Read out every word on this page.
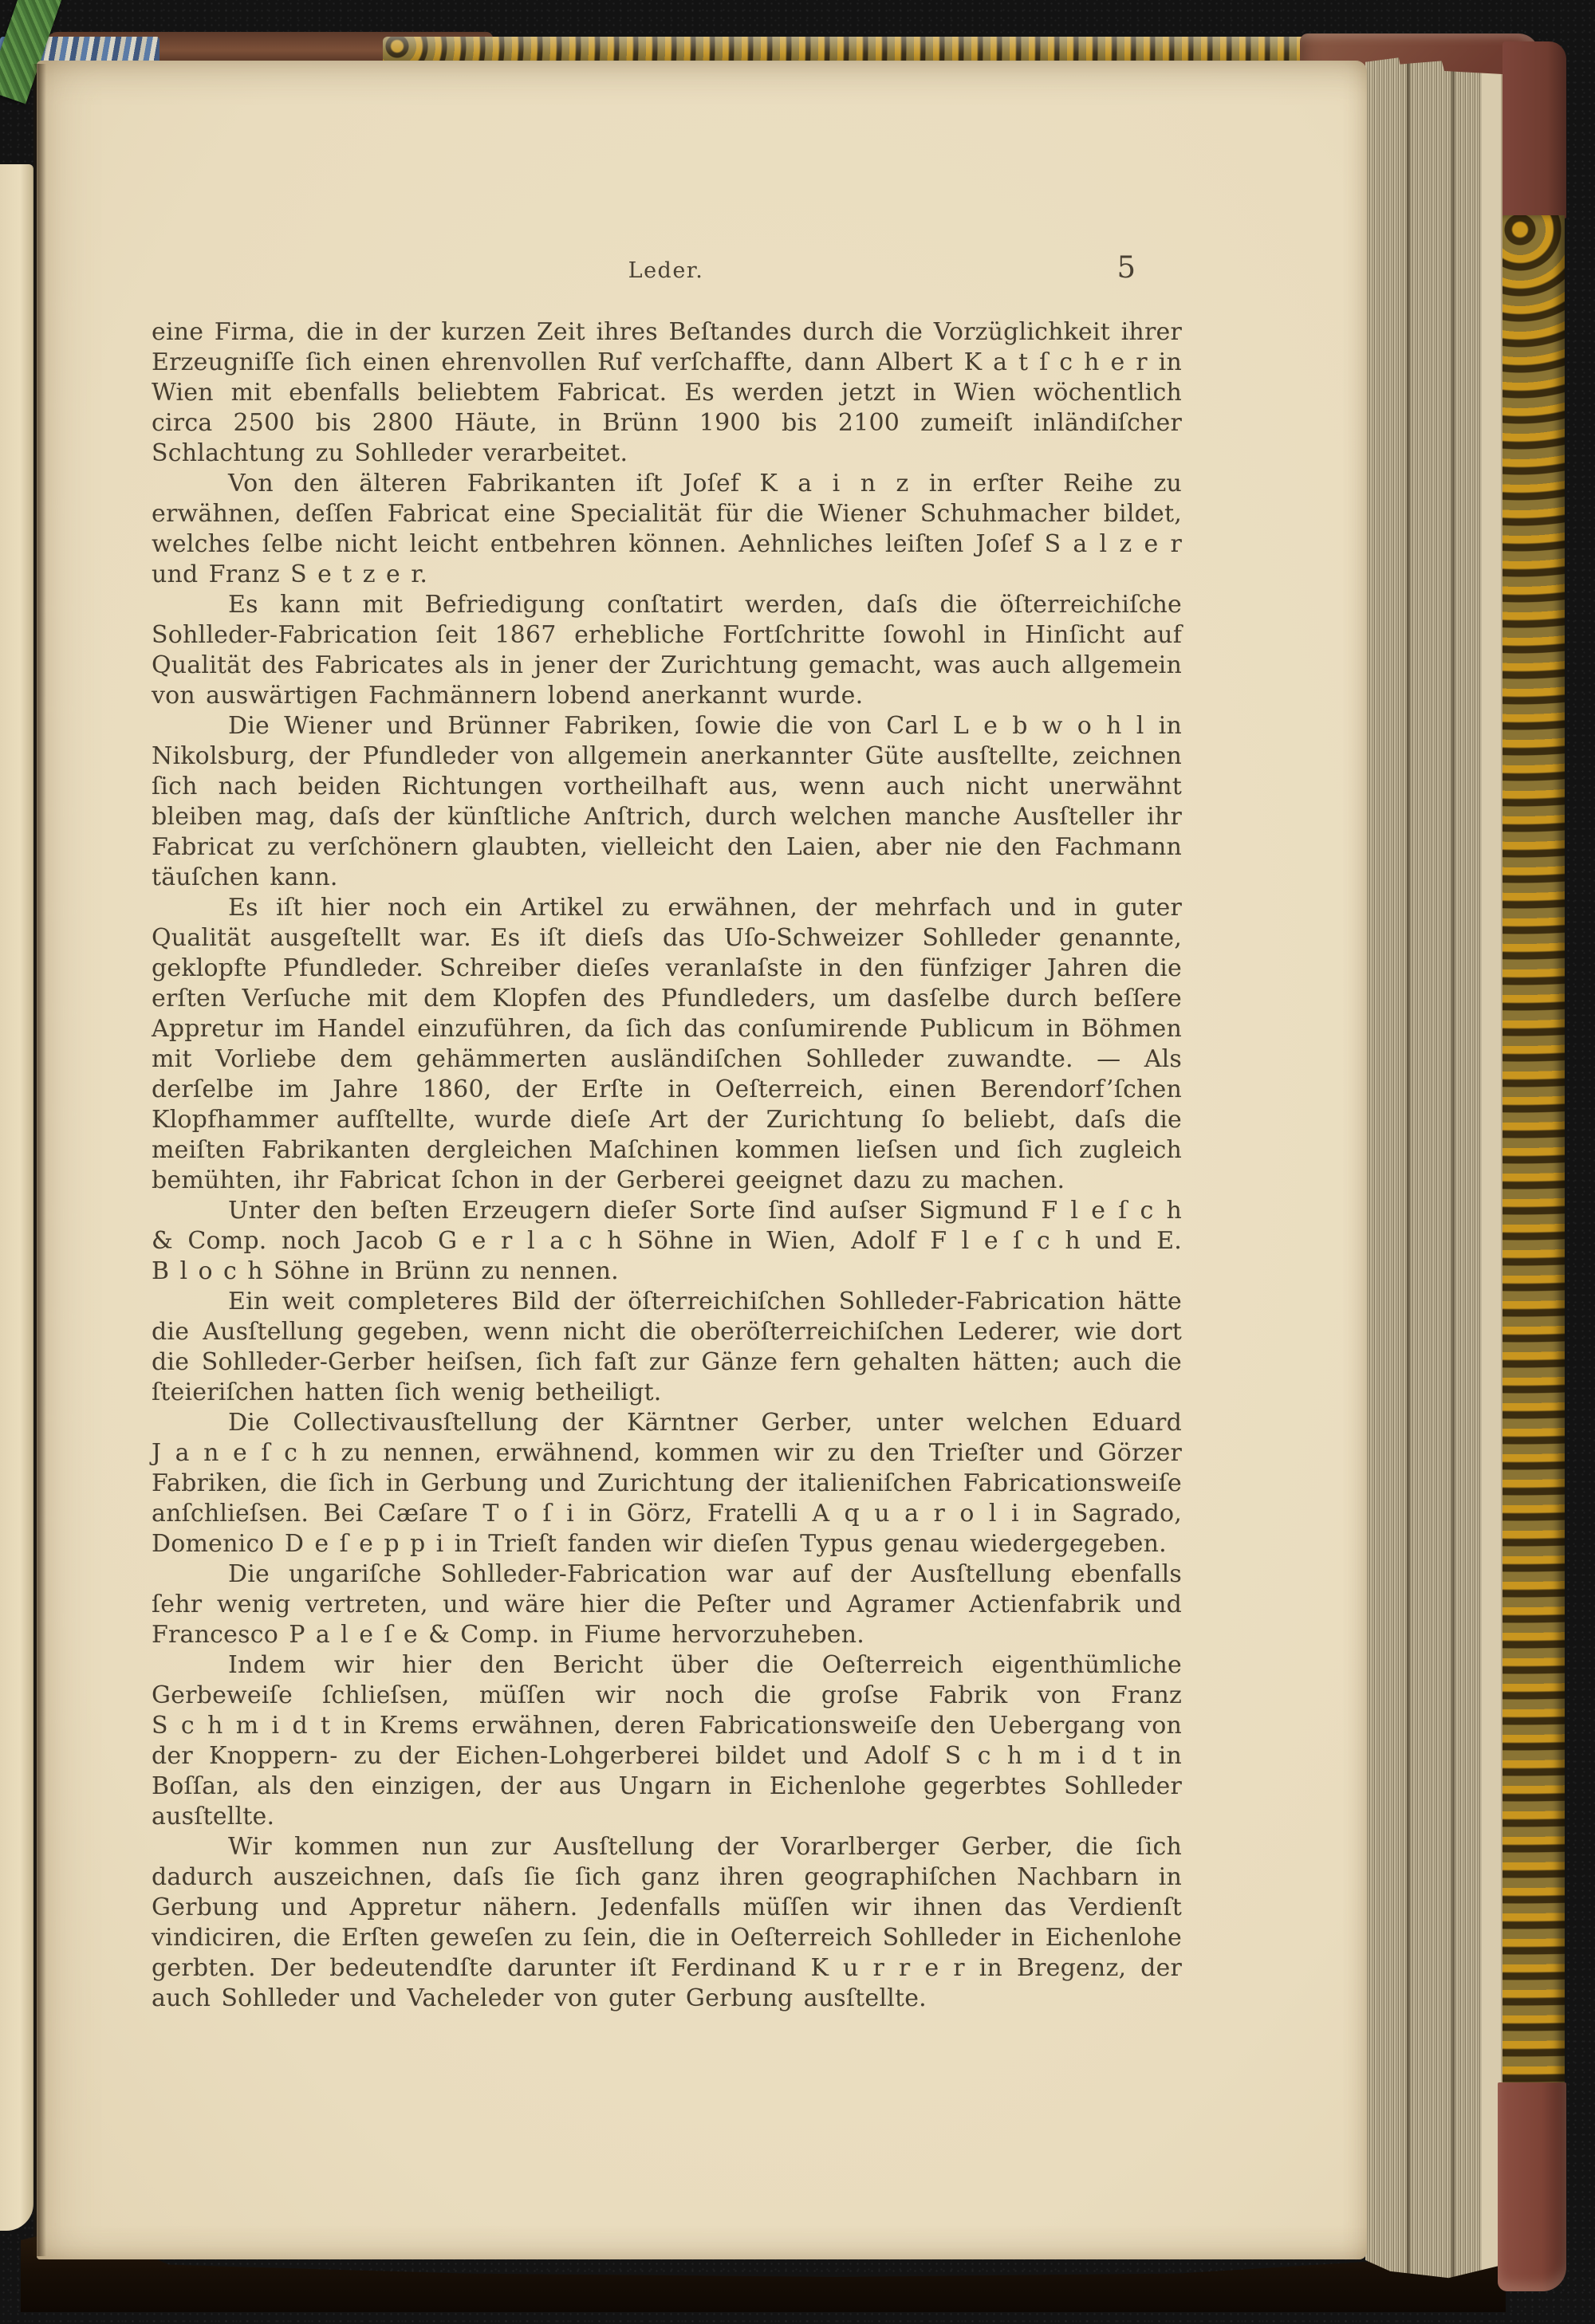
Leder.	5

eine Firma, die in der kurzen Zeit ihres Beſtandes durch die Vorzüglichkeit ihrer Erzeugniſſe ſich einen ehrenvollen Ruf verſchaffte, dann Albert K a t ſ c h e r in Wien mit ebenfalls beliebtem Fabricat. Es werden jetzt in Wien wöchentlich circa 2500 bis 2800 Häute, in Brünn 1900 bis 2100 zumeiſt inländiſcher Schlachtung zu Sohlleder verarbeitet.

Von den älteren Fabrikanten iſt Joſef K a i n z in erſter Reihe zu erwähnen, deſſen Fabricat eine Specialität für die Wiener Schuhmacher bildet, welches ſelbe nicht leicht entbehren können. Aehnliches leiſten Joſef S a l z e r und Franz S e t z e r.

Es kann mit Befriedigung conſtatirt werden, daſs die öſterreichiſche Sohlleder-Fabrication ſeit 1867 erhebliche Fortſchritte ſowohl in Hinſicht auf Qualität des Fabricates als in jener der Zurichtung gemacht, was auch allgemein von auswärtigen Fachmännern lobend anerkannt wurde.

Die Wiener und Brünner Fabriken, ſowie die von Carl L e b w o h l in Nikolsburg, der Pfundleder von allgemein anerkannter Güte ausſtellte, zeichnen ſich nach beiden Richtungen vortheilhaft aus, wenn auch nicht unerwähnt bleiben mag, daſs der künſtliche Anſtrich, durch welchen manche Ausſteller ihr Fabricat zu verſchönern glaubten, vielleicht den Laien, aber nie den Fachmann täuſchen kann.

Es iſt hier noch ein Artikel zu erwähnen, der mehrfach und in guter Qualität ausgeſtellt war. Es iſt dieſs das Uſo-Schweizer Sohlleder genannte, geklopfte Pfundleder. Schreiber dieſes veranlaſste in den fünfziger Jahren die erſten Verſuche mit dem Klopfen des Pfundleders, um dasſelbe durch beſſere Appretur im Handel einzuführen, da ſich das conſumirende Publicum in Böhmen mit Vorliebe dem gehämmerten ausländiſchen Sohlleder zuwandte. — Als derſelbe im Jahre 1860, der Erſte in Oeſterreich, einen Berendorf’ſchen Klopfhammer aufſtellte, wurde dieſe Art der Zurichtung ſo beliebt, daſs die meiſten Fabrikanten dergleichen Maſchinen kommen lieſsen und ſich zugleich bemühten, ihr Fabricat ſchon in der Gerberei geeignet dazu zu machen.

Unter den beſten Erzeugern dieſer Sorte ſind auſser Sigmund F l e ſ c h & Comp. noch Jacob G e r l a c h Söhne in Wien, Adolf F l e ſ c h und E. B l o c h Söhne in Brünn zu nennen.

Ein weit completeres Bild der öſterreichiſchen Sohlleder-Fabrication hätte die Ausſtellung gegeben, wenn nicht die oberöſterreichiſchen Lederer, wie dort die Sohlleder-Gerber heiſsen, ſich faſt zur Gänze fern gehalten hätten; auch die ſteieriſchen hatten ſich wenig betheiligt.

Die Collectivausſtellung der Kärntner Gerber, unter welchen Eduard J a n e ſ c h zu nennen, erwähnend, kommen wir zu den Trieſter und Görzer Fabriken, die ſich in Gerbung und Zurichtung der italieniſchen Fabricationsweiſe anſchlieſsen. Bei Cæſare T o ſ i in Görz, Fratelli A q u a r o l i in Sagrado, Domenico D e ſ e p p i in Trieſt fanden wir dieſen Typus genau wiedergegeben.

Die ungariſche Sohlleder-Fabrication war auf der Ausſtellung ebenfalls ſehr wenig vertreten, und wäre hier die Peſter und Agramer Actienfabrik und Francesco P a l e ſ e & Comp. in Fiume hervorzuheben.

Indem wir hier den Bericht über die Oeſterreich eigenthümliche Gerbeweiſe ſchlieſsen, müſſen wir noch die groſse Fabrik von Franz S c h m i d t in Krems erwähnen, deren Fabricationsweiſe den Uebergang von der Knoppern- zu der Eichen-Lohgerberei bildet und Adolf S c h m i d t in Boſſan, als den einzigen, der aus Ungarn in Eichenlohe gegerbtes Sohlleder ausſtellte.

Wir kommen nun zur Ausſtellung der Vorarlberger Gerber, die ſich dadurch auszeichnen, daſs ſie ſich ganz ihren geographiſchen Nachbarn in Gerbung und Appretur nähern. Jedenfalls müſſen wir ihnen das Verdienſt vindiciren, die Erſten geweſen zu ſein, die in Oeſterreich Sohlleder in Eichenlohe gerbten. Der bedeutendſte darunter iſt Ferdinand K u r r e r in Bregenz, der auch Sohlleder und Vacheleder von guter Gerbung ausſtellte.
